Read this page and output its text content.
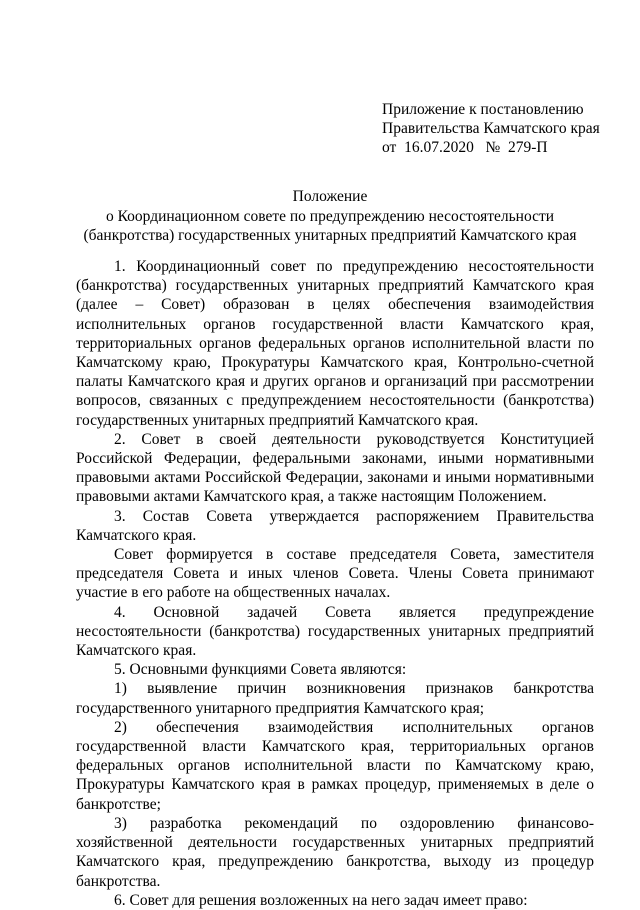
Приложение к постановлению
Правительства Камчатского края
от  16.07.2020   №  279-П
Положение
о Координационном совете по предупреждению несостоятельности
(банкротства) государственных унитарных предприятий Камчатского края

1. Координационный совет по предупреждению несостоятельности (банкротства) государственных унитарных предприятий Камчатского края (далее – Совет) образован в целях обеспечения взаимодействия исполнительных органов государственной власти Камчатского края, территориальных органов федеральных органов исполнительной власти по Камчатскому краю, Прокуратуры Камчатского края, Контрольно-счетной палаты Камчатского края и других органов и организаций при рассмотрении вопросов, связанных с предупреждением несостоятельности (банкротства) государственных унитарных предприятий Камчатского края.

2. Совет в своей деятельности руководствуется Конституцией Российской Федерации, федеральными законами, иными нормативными правовыми актами Российской Федерации, законами и иными нормативными правовыми актами Камчатского края, а также настоящим Положением.

3. Состав Совета утверждается распоряжением Правительства Камчатского края.

Совет формируется в составе председателя Совета, заместителя председателя Совета и иных членов Совета. Члены Совета принимают участие в его работе на общественных началах.

4. Основной задачей Совета является предупреждение несостоятельности (банкротства) государственных унитарных предприятий Камчатского края.

5. Основными функциями Совета являются:

1) выявление причин возникновения признаков банкротства государственного унитарного предприятия Камчатского края;

2) обеспечения взаимодействия исполнительных органов государственной власти Камчатского края, территориальных органов федеральных органов исполнительной власти по Камчатскому краю, Прокуратуры Камчатского края в рамках процедур, применяемых в деле о банкротстве;

3) разработка рекомендаций по оздоровлению финансово-хозяйственной деятельности государственных унитарных предприятий Камчатского края, предупреждению банкротства, выходу из процедур банкротства.

6. Совет для решения возложенных на него задач имеет право:
